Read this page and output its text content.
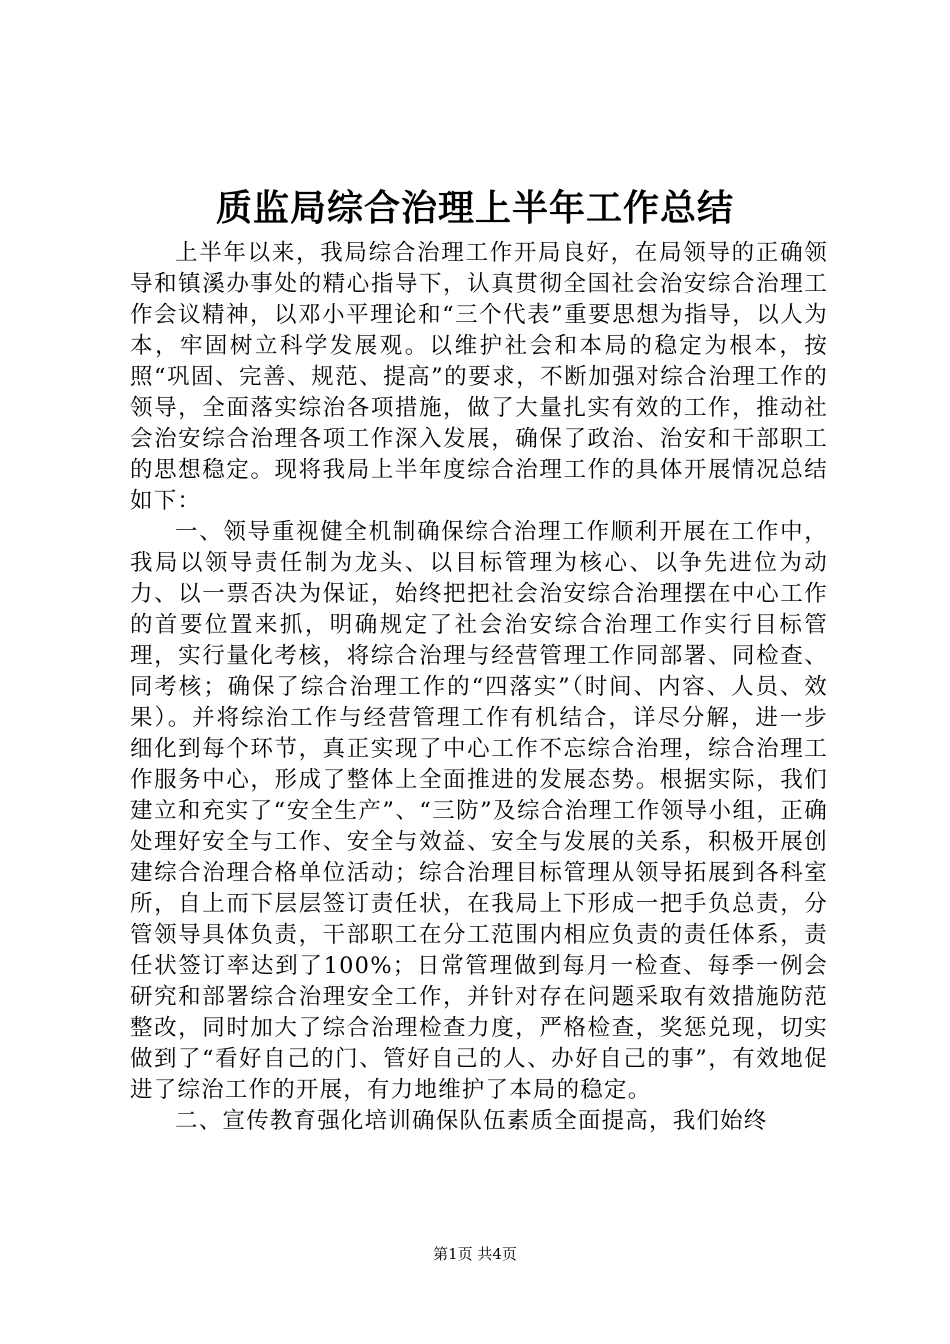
质监局综合治理上半年工作总结

上半年以来，我局综合治理工作开局良好，在局领导的正确领导和镇溪办事处的精心指导下，认真贯彻全国社会治安综合治理工作会议精神，以邓小平理论和“三个代表”重要思想为指导，以人为本，牢固树立科学发展观。以维护社会和本局的稳定为根本，按照“巩固、完善、规范、提高”的要求，不断加强对综合治理工作的领导，全面落实综治各项措施，做了大量扎实有效的工作，推动社会治安综合治理各项工作深入发展，确保了政治、治安和干部职工的思想稳定。现将我局上半年度综合治理工作的具体开展情况总结如下：

一、领导重视健全机制确保综合治理工作顺利开展在工作中，我局以领导责任制为龙头、以目标管理为核心、以争先进位为动力、以一票否决为保证，始终把把社会治安综合治理摆在中心工作的首要位置来抓，明确规定了社会治安综合治理工作实行目标管理，实行量化考核，将综合治理与经营管理工作同部署、同检查、同考核；确保了综合治理工作的“四落实”（时间、内容、人员、效果）。并将综治工作与经营管理工作有机结合，详尽分解，进一步细化到每个环节，真正实现了中心工作不忘综合治理，综合治理工作服务中心，形成了整体上全面推进的发展态势。根据实际，我们建立和充实了“安全生产”、“三防”及综合治理工作领导小组，正确处理好安全与工作、安全与效益、安全与发展的关系，积极开展创建综合治理合格单位活动；综合治理目标管理从领导拓展到各科室所，自上而下层层签订责任状，在我局上下形成一把手负总责，分管领导具体负责，干部职工在分工范围内相应负责的责任体系，责任状签订率达到了100%；日常管理做到每月一检查、每季一例会研究和部署综合治理安全工作，并针对存在问题采取有效措施防范整改，同时加大了综合治理检查力度，严格检查，奖惩兑现，切实做到了“看好自己的门、管好自己的人、办好自己的事”，有效地促进了综治工作的开展，有力地维护了本局的稳定。

二、宣传教育强化培训确保队伍素质全面提高，我们始终

第1页 共4页
